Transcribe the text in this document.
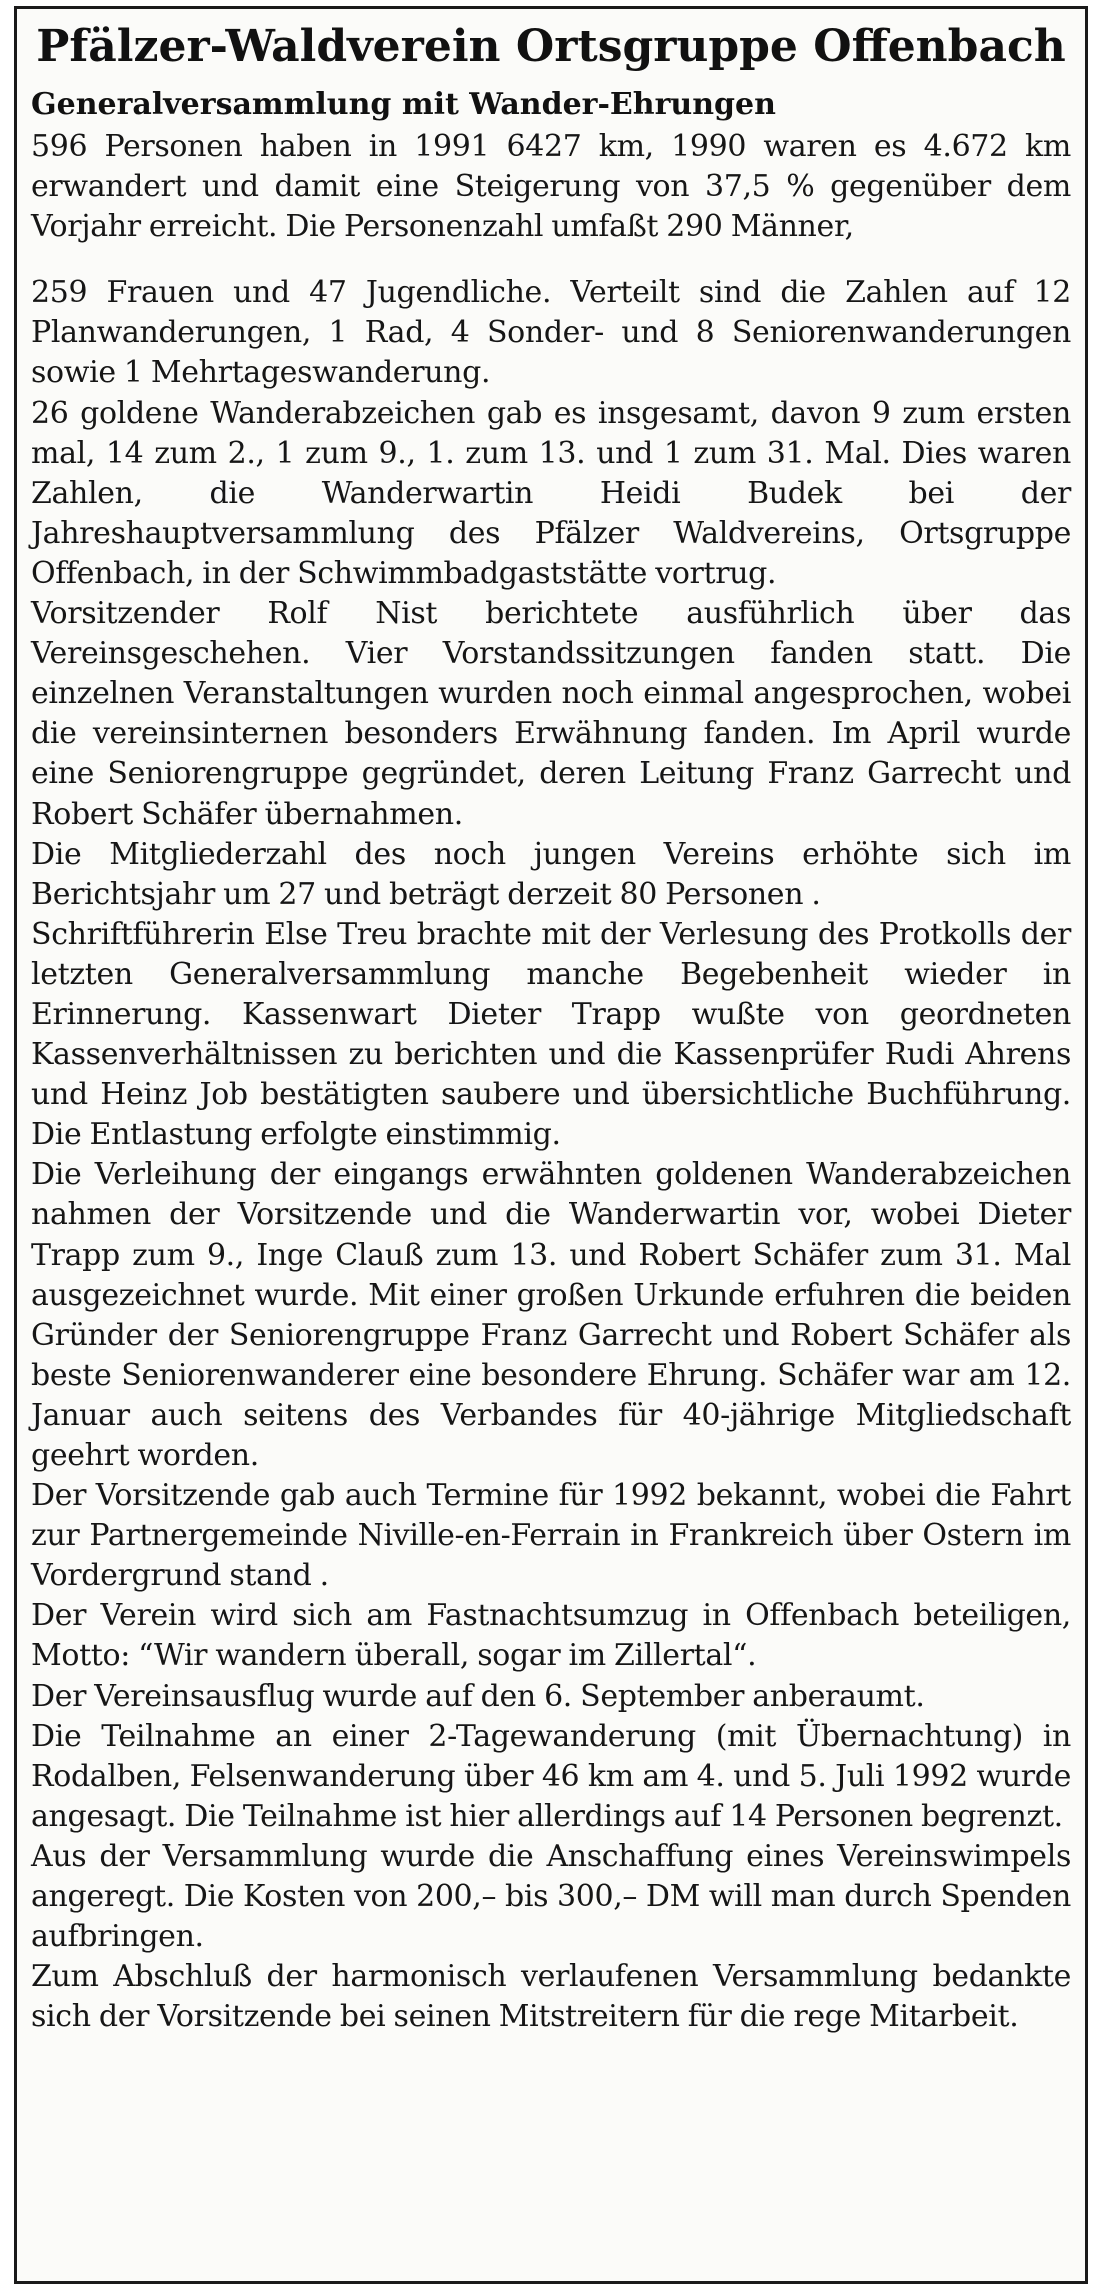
Pfälzer-Waldverein Ortsgruppe Offenbach
Generalversammlung mit Wander-Ehrungen

596 Personen haben in 1991 6427 km, 1990 waren es 4.672 km erwandert und damit eine Steigerung von 37,5 % gegenüber dem Vorjahr erreicht. Die Personenzahl umfaßt 290 Männer,

259 Frauen und 47 Jugendliche. Verteilt sind die Zahlen auf 12 Planwanderungen, 1 Rad, 4 Sonder- und 8 Seniorenwanderungen sowie 1 Mehrtageswanderung.

26 goldene Wanderabzeichen gab es insgesamt, davon 9 zum ersten mal, 14 zum 2., 1 zum 9., 1. zum 13. und 1 zum 31. Mal. Dies waren Zahlen, die Wanderwartin Heidi Budek bei der Jahreshauptversammlung des Pfälzer Waldvereins, Ortsgruppe Offenbach, in der Schwimmbadgaststätte vortrug.

Vorsitzender Rolf Nist berichtete ausführlich über das Vereinsgeschehen. Vier Vorstandssitzungen fanden statt. Die einzelnen Veranstaltungen wurden noch einmal angesprochen, wobei die vereinsinternen besonders Erwähnung fanden. Im April wurde eine Seniorengruppe gegründet, deren Leitung Franz Garrecht und Robert Schäfer übernahmen.

Die Mitgliederzahl des noch jungen Vereins erhöhte sich im Berichtsjahr um 27 und beträgt derzeit 80 Personen .

Schriftführerin Else Treu brachte mit der Verlesung des Protkolls der letzten Generalversammlung manche Begebenheit wieder in Erinnerung. Kassenwart Dieter Trapp wußte von geordneten Kassenverhältnissen zu berichten und die Kassenprüfer Rudi Ahrens und Heinz Job bestätigten saubere und übersichtliche Buchführung. Die Entlastung erfolgte einstimmig.

Die Verleihung der eingangs erwähnten goldenen Wanderabzeichen nahmen der Vorsitzende und die Wanderwartin vor, wobei Dieter Trapp zum 9., Inge Clauß zum 13. und Robert Schäfer zum 31. Mal ausgezeichnet wurde. Mit einer großen Urkunde erfuhren die beiden Gründer der Seniorengruppe Franz Garrecht und Robert Schäfer als beste Seniorenwanderer eine besondere Ehrung. Schäfer war am 12. Januar auch seitens des Verbandes für 40-jährige Mitgliedschaft geehrt worden.

Der Vorsitzende gab auch Termine für 1992 bekannt, wobei die Fahrt zur Partnergemeinde Niville-en-Ferrain in Frankreich über Ostern im Vordergrund stand .

Der Verein wird sich am Fastnachtsumzug in Offenbach beteiligen, Motto: “Wir wandern überall, sogar im Zillertal“.

Der Vereinsausflug wurde auf den 6. September anberaumt.

Die Teilnahme an einer 2-Tagewanderung (mit Übernachtung) in Rodalben, Felsenwanderung über 46 km am 4. und 5. Juli 1992 wurde angesagt. Die Teilnahme ist hier allerdings auf 14 Personen begrenzt.

Aus der Versammlung wurde die Anschaffung eines Vereinswimpels angeregt. Die Kosten von 200,– bis 300,– DM will man durch Spenden aufbringen.

Zum Abschluß der harmonisch verlaufenen Versammlung bedankte sich der Vorsitzende bei seinen Mitstreitern für die rege Mitarbeit.
